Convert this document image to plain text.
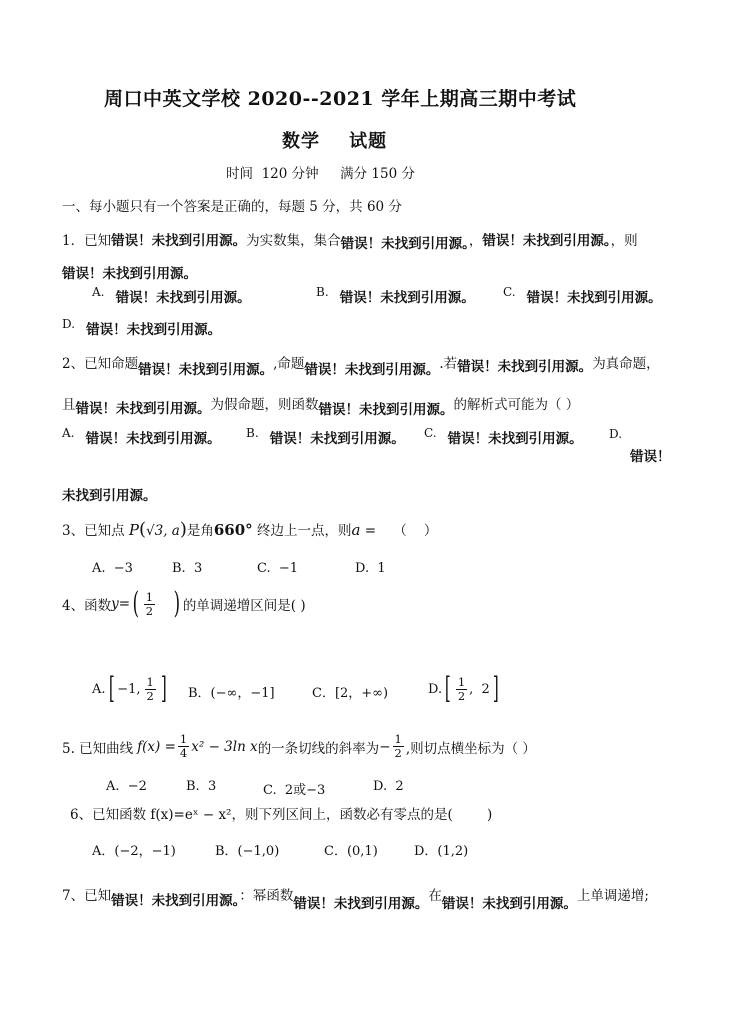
周口中英文学校 2020--2021 学年上期高三期中考试
数学    试题
时间  120 分钟     满分 150 分
一、每小题只有一个答案是正确的，每题 5 分，共 60 分
1．已知错误！未找到引用源。为实数集，集合错误！未找到引用源。，错误！未找到引用源。，则
错误！未找到引用源。
$^{A.}$ 错误！未找到引用源。	$^{B.}$ 错误！未找到引用源。 $^{C.}$ 错误！未找到引用源。
$^{D.}$ 错误！未找到引用源。
2、已知命题错误！未找到引用源。,命题错误！未找到引用源。.若错误！未找到引用源。为真命题，
且错误！未找到引用源。为假命题，则函数错误！未找到引用源。的解析式可能为（ ）
$^{A.}$ 错误！未找到引用源。 $^{B.}$ 错误！未找到引用源。 $^{C.}$ 错误！未找到引用源。 $^{D.}$
错误！
未找到引用源。
3、已知点 P(√3, a)是角660° 终边上一点，则a =    （    ）
A.  −3	B.  3	C.  −1	D.  1
4、函数 y= ( $\frac{1}{2}$ ) 的单调递增区间是( )
A. [ −1, $\frac{1}{2}$ ] B．(−∞，−1]	C．[2，+∞)	D. [ $\frac{1}{2}$ ,  2 ]
5. 已知曲线 $f(x) = \frac{1}{4} x^2 - 3\ln$ x 的一条切线的斜率为 − $\frac{1}{2}$ ,则切点横坐标为（ ）
A.  −2	B.  3	C.  2或−3	D.  2
6、已知函数 f(x)=eˣ − x²，则下列区间上，函数必有零点的是(        )
A．(−2，−1)	B．(−1,0)	C．(0,1)	D．(1,2)
7、已知错误！未找到引用源。：幂函数错误！未找到引用源。在错误！未找到引用源。上单调递增;
